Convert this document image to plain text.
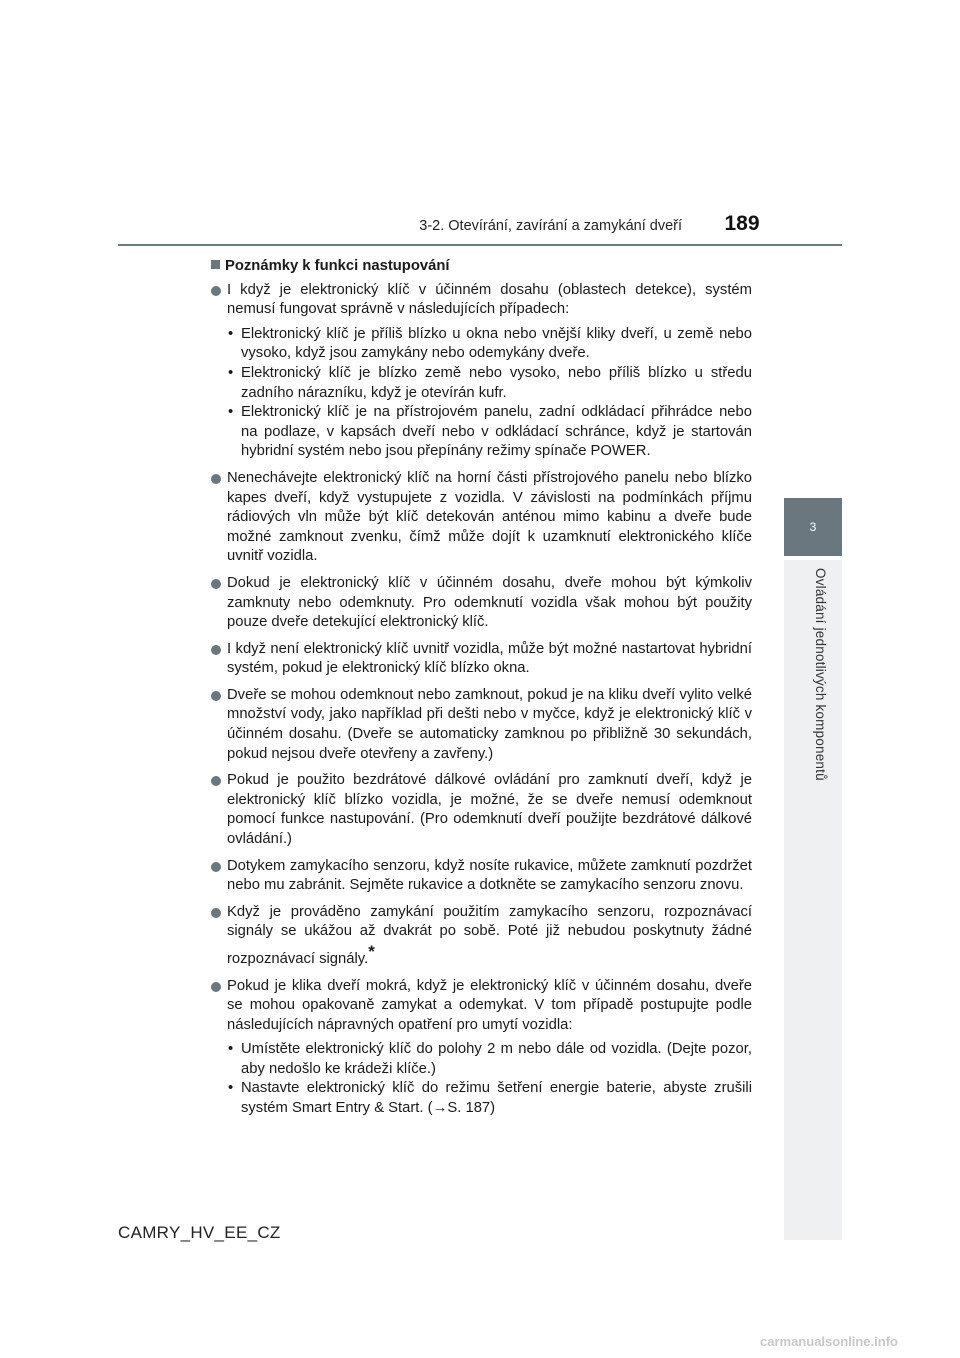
3-2. Otevírání, zavírání a zamykání dveří	189
3
Ovládání jednotlivých komponentů
Poznámky k funkci nastupování
I když je elektronický klíč v účinném dosahu (oblastech detekce), systém nemusí fungovat správně v následujících případech:
• Elektronický klíč je příliš blízko u okna nebo vnější kliky dveří, u země nebo vysoko, když jsou zamykány nebo odemykány dveře.
• Elektronický klíč je blízko země nebo vysoko, nebo příliš blízko u středu zadního nárazníku, když je otevírán kufr.
• Elektronický klíč je na přístrojovém panelu, zadní odkládací přihrádce nebo na podlaze, v kapsách dveří nebo v odkládací schránce, když je startován hybridní systém nebo jsou přepínány režimy spínače POWER.
Nenechávejte elektronický klíč na horní části přístrojového panelu nebo blízko kapes dveří, když vystupujete z vozidla. V závislosti na podmínkách příjmu rádiových vln může být klíč detekován anténou mimo kabinu a dveře bude možné zamknout zvenku, čímž může dojít k uzamknutí elektronického klíče uvnitř vozidla.
Dokud je elektronický klíč v účinném dosahu, dveře mohou být kýmkoliv zamknuty nebo odemknuty. Pro odemknutí vozidla však mohou být použity pouze dveře detekující elektronický klíč.
I když není elektronický klíč uvnitř vozidla, může být možné nastartovat hybridní systém, pokud je elektronický klíč blízko okna.
Dveře se mohou odemknout nebo zamknout, pokud je na kliku dveří vylito velké množství vody, jako například při dešti nebo v myčce, když je elektronický klíč v účinném dosahu. (Dveře se automaticky zamknou po přibližně 30 sekundách, pokud nejsou dveře otevřeny a zavřeny.)
Pokud je použito bezdrátové dálkové ovládání pro zamknutí dveří, když je elektronický klíč blízko vozidla, je možné, že se dveře nemusí odemknout pomocí funkce nastupování. (Pro odemknutí dveří použijte bezdrátové dálkové ovládání.)
Dotykem zamykacího senzoru, když nosíte rukavice, můžete zamknutí pozdržet nebo mu zabránit. Sejměte rukavice a dotkněte se zamykacího senzoru znovu.
Když je prováděno zamykání použitím zamykacího senzoru, rozpoznávací signály se ukážou až dvakrát po sobě. Poté již nebudou poskytnuty žádné rozpoznávací signály.*
Pokud je klika dveří mokrá, když je elektronický klíč v účinném dosahu, dveře se mohou opakovaně zamykat a odemykat. V tom případě postupujte podle následujících nápravných opatření pro umytí vozidla:
• Umístěte elektronický klíč do polohy 2 m nebo dále od vozidla. (Dejte pozor, aby nedošlo ke krádeži klíče.)
• Nastavte elektronický klíč do režimu šetření energie baterie, abyste zrušili systém Smart Entry & Start. (→S. 187)
CAMRY_HV_EE_CZ
carmanualsonline.info
